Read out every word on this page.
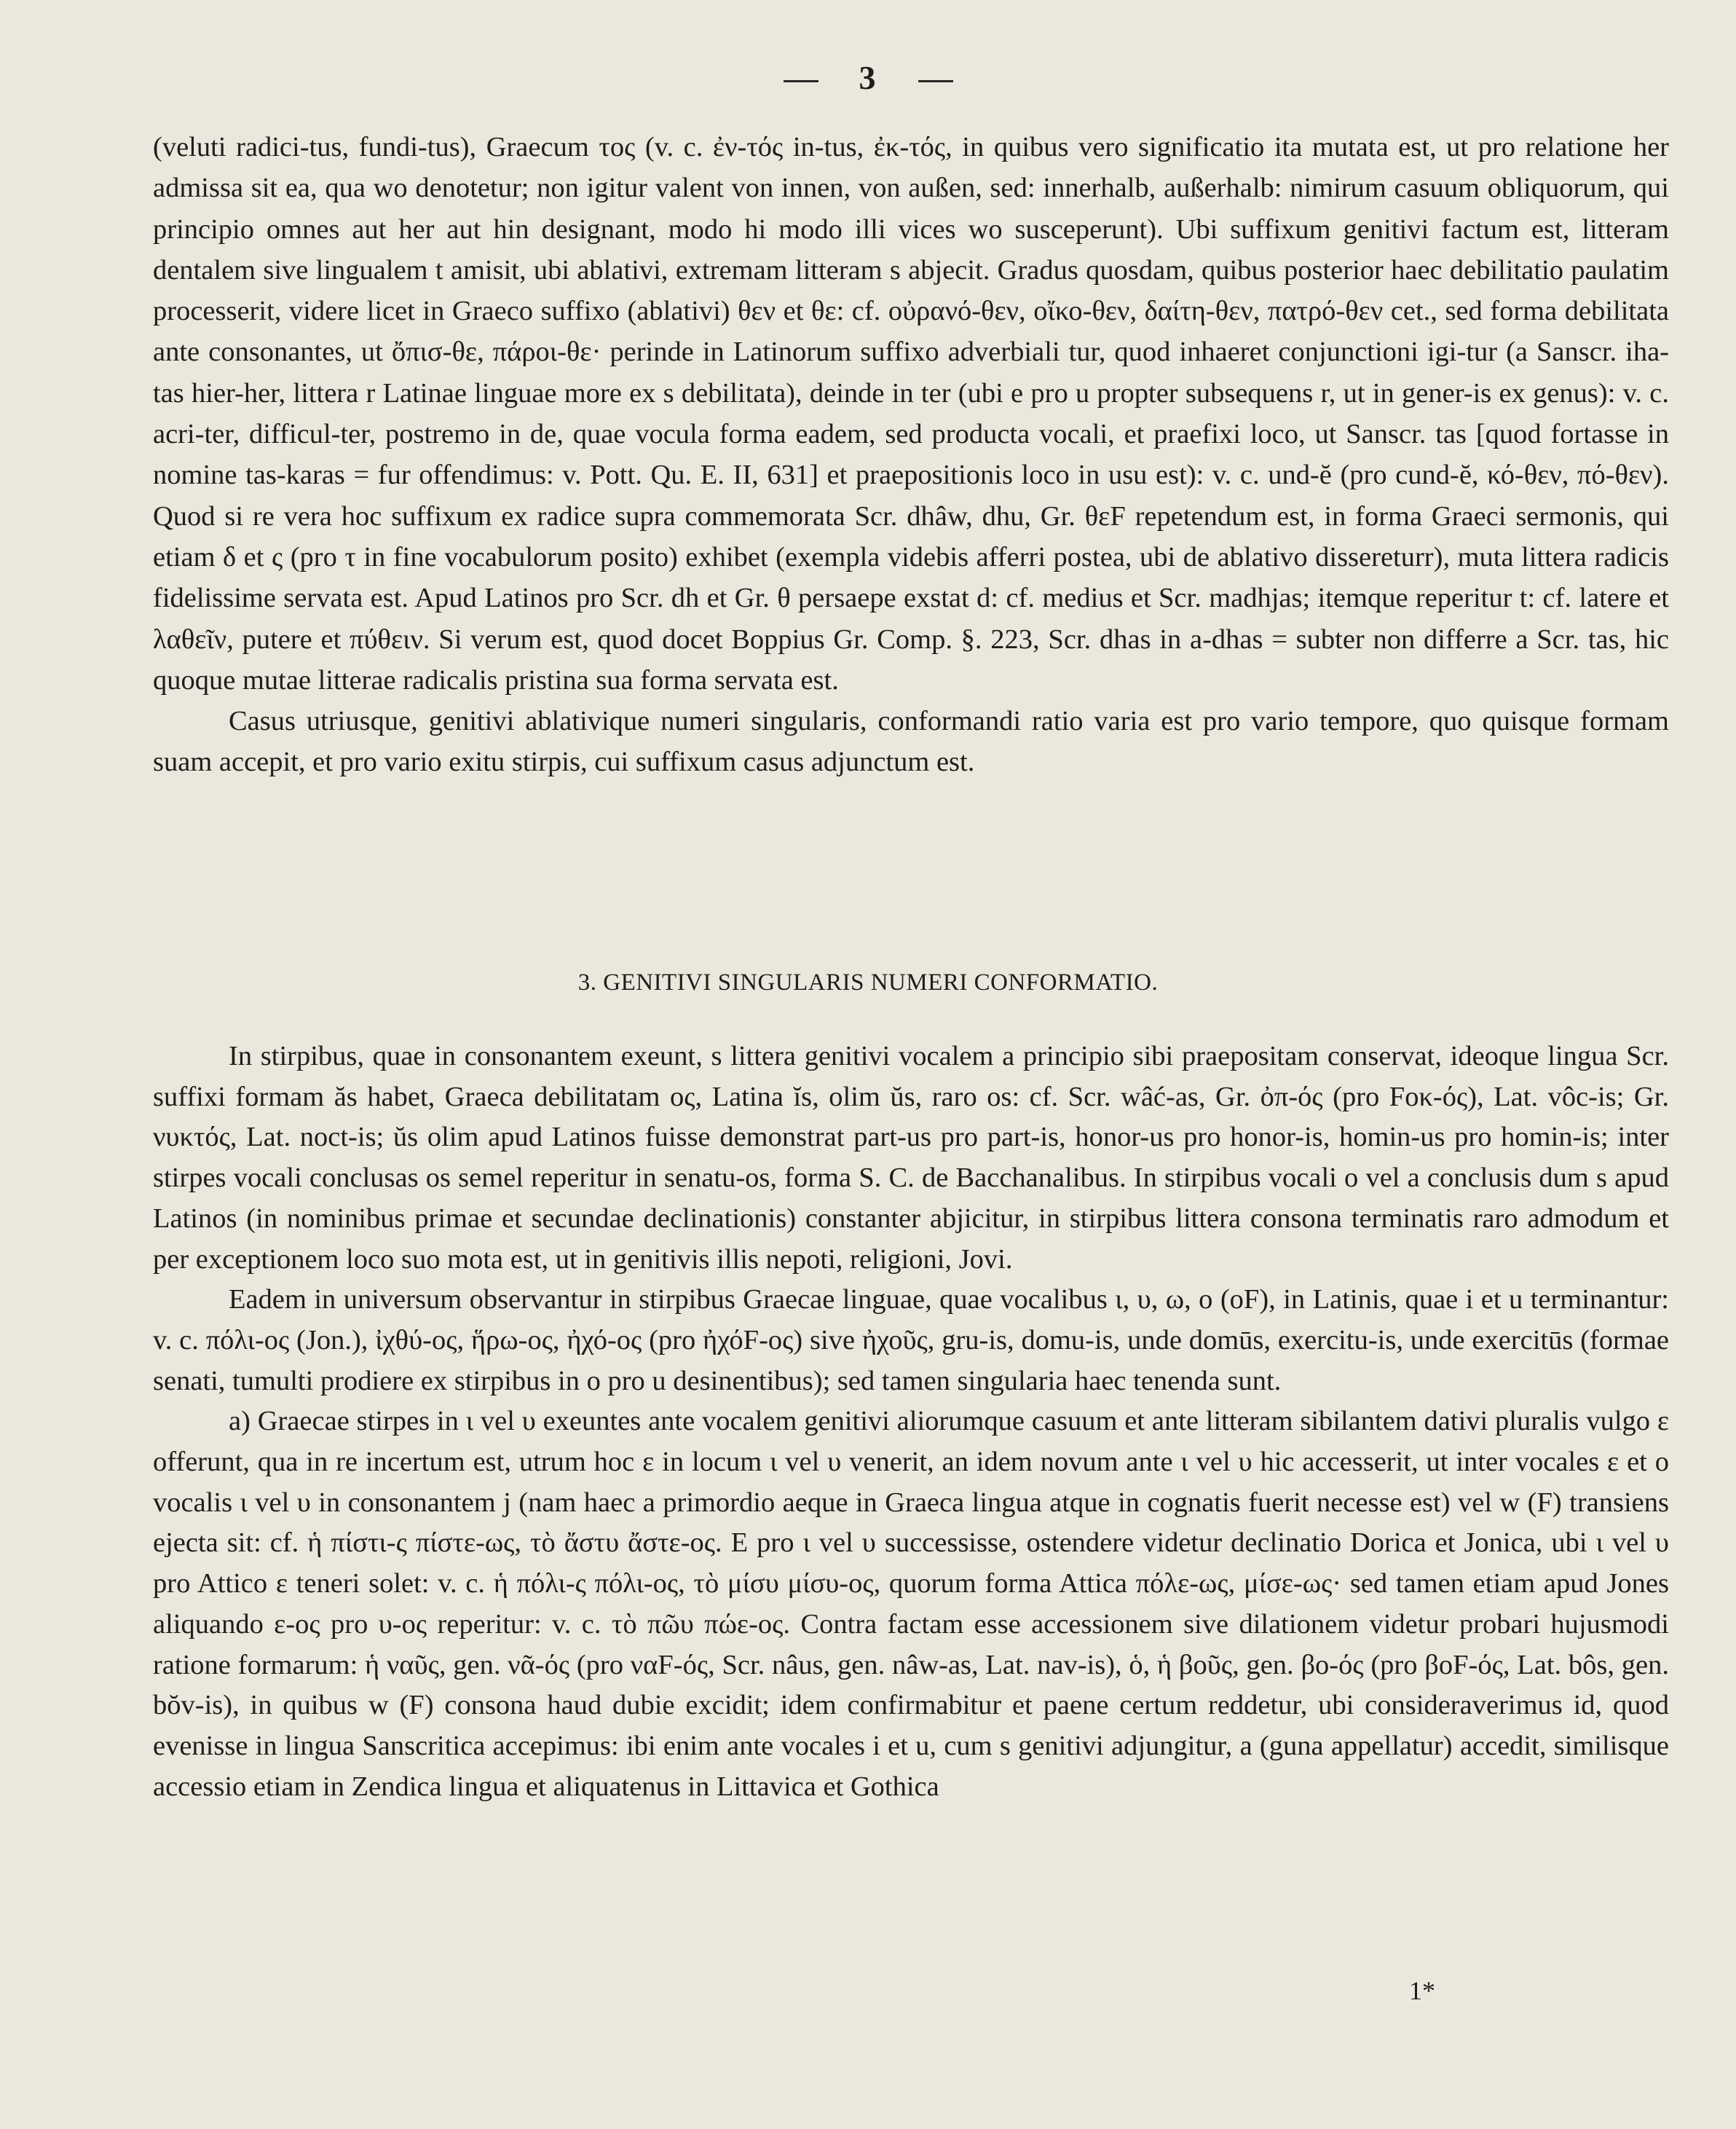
3

(veluti radici-tus, fundi-tus), Graecum τος (v. c. ἐν-τός in-tus, ἐκ-τός, in quibus vero significatio ita mutata est, ut pro relatione her admissa sit ea, qua wo denotetur; non igitur valent von innen, von außen, sed: innerhalb, außerhalb: nimirum casuum obliquorum, qui principio omnes aut her aut hin designant, modo hi modo illi vices wo susceperunt). Ubi suffixum genitivi factum est, litteram dentalem sive lingualem t amisit, ubi ablativi, extremam litteram s abjecit. Gradus quosdam, quibus posterior haec debilitatio paulatim processerit, videre licet in Graeco suffixo (ablativi) θεν et θε: cf. οὐρανό-θεν, οἴκο-θεν, δαίτη-θεν, πατρό-θεν cet., sed forma debilitata ante consonantes, ut ὄπισ-θε, πάροι-θε· perinde in Latinorum suffixo adverbiali tur, quod inhaeret conjunctioni igi-tur (a Sanscr. iha-tas hier-her, littera r Latinae linguae more ex s debilitata), deinde in ter (ubi e pro u propter subsequens r, ut in gener-is ex genus): v. c. acri-ter, difficul-ter, postremo in de, quae vocula forma eadem, sed producta vocali, et praefixi loco, ut Sanscr. tas [quod fortasse in nomine tas-karas = fur offendimus: v. Pott. Qu. E. II, 631] et praepositionis loco in usu est): v. c. und-ĕ (pro cund-ĕ, κό-θεν, πό-θεν). Quod si re vera hoc suffixum ex radice supra commemorata Scr. dhâw, dhu, Gr. θεF repetendum est, in forma Graeci sermonis, qui etiam δ et ς (pro τ in fine vocabulorum posito) exhibet (exempla videbis afferri postea, ubi de ablativo dissereturr), muta littera radicis fidelissime servata est. Apud Latinos pro Scr. dh et Gr. θ persaepe exstat d: cf. medius et Scr. madhjas; itemque reperitur t: cf. latere et λαθεῖν, putere et πύθειν. Si verum est, quod docet Boppius Gr. Comp. §. 223, Scr. dhas in a-dhas = subter non differre a Scr. tas, hic quoque mutae litterae radicalis pristina sua forma servata est.

Casus utriusque, genitivi ablativique numeri singularis, conformandi ratio varia est pro vario tempore, quo quisque formam suam accepit, et pro vario exitu stirpis, cui suffixum casus adjunctum est.

3. GENITIVI SINGULARIS NUMERI CONFORMATIO.

In stirpibus, quae in consonantem exeunt, s littera genitivi vocalem a principio sibi praepositam conservat, ideoque lingua Scr. suffixi formam ăs habet, Graeca debilitatam ος, Latina ĭs, olim ŭs, raro os: cf. Scr. wâć-as, Gr. ὀπ-ός (pro Fοκ-ός), Lat. vôc-is; Gr. νυκτός, Lat. noct-is; ŭs olim apud Latinos fuisse demonstrat part-us pro part-is, honor-us pro honor-is, homin-us pro homin-is; inter stirpes vocali conclusas os semel reperitur in senatu-os, forma S. C. de Bacchanalibus. In stirpibus vocali o vel a conclusis dum s apud Latinos (in nominibus primae et secundae declinationis) constanter abjicitur, in stirpibus littera consona terminatis raro admodum et per exceptionem loco suo mota est, ut in genitivis illis nepoti, religioni, Jovi.

Eadem in universum observantur in stirpibus Graecae linguae, quae vocalibus ι, υ, ω, ο (οF), in Latinis, quae i et u terminantur: v. c. πόλι-ος (Jon.), ἰχθύ-ος, ἥρω-ος, ἠχό-ος (pro ἠχόF-ος) sive ἠχοῦς, gru-is, domu-is, unde domūs, exercitu-is, unde exercitūs (formae senati, tumulti prodiere ex stirpibus in o pro u desinentibus); sed tamen singularia haec tenenda sunt.

a) Graecae stirpes in ι vel υ exeuntes ante vocalem genitivi aliorumque casuum et ante litteram sibilantem dativi pluralis vulgo ε offerunt, qua in re incertum est, utrum hoc ε in locum ι vel υ venerit, an idem novum ante ι vel υ hic accesserit, ut inter vocales ε et ο vocalis ι vel υ in consonantem j (nam haec a primordio aeque in Graeca lingua atque in cognatis fuerit necesse est) vel w (F) transiens ejecta sit: cf. ἡ πίστι-ς πίστε-ως, τὸ ἄστυ ἄστε-ος. E pro ι vel υ successisse, ostendere videtur declinatio Dorica et Jonica, ubi ι vel υ pro Attico ε teneri solet: v. c. ἡ πόλι-ς πόλι-ος, τὸ μίσυ μίσυ-ος, quorum forma Attica πόλε-ως, μίσε-ως· sed tamen etiam apud Jones aliquando ε-ος pro υ-ος reperitur: v. c. τὸ πῶυ πώε-ος. Contra factam esse accessionem sive dilationem videtur probari hujusmodi ratione formarum: ἡ ναῦς, gen. νᾶ-ός (pro ναF-ός, Scr. nâus, gen. nâw-as, Lat. nav-is), ὁ, ἡ βοῦς, gen. βο-ός (pro βοF-ός, Lat. bôs, gen. bŏv-is), in quibus w (F) consona haud dubie excidit; idem confirmabitur et paene certum reddetur, ubi consideraverimus id, quod evenisse in lingua Sanscritica accepimus: ibi enim ante vocales i et u, cum s genitivi adjungitur, a (guna appellatur) accedit, similisque accessio etiam in Zendica lingua et aliquatenus in Littavica et Gothica

1*
